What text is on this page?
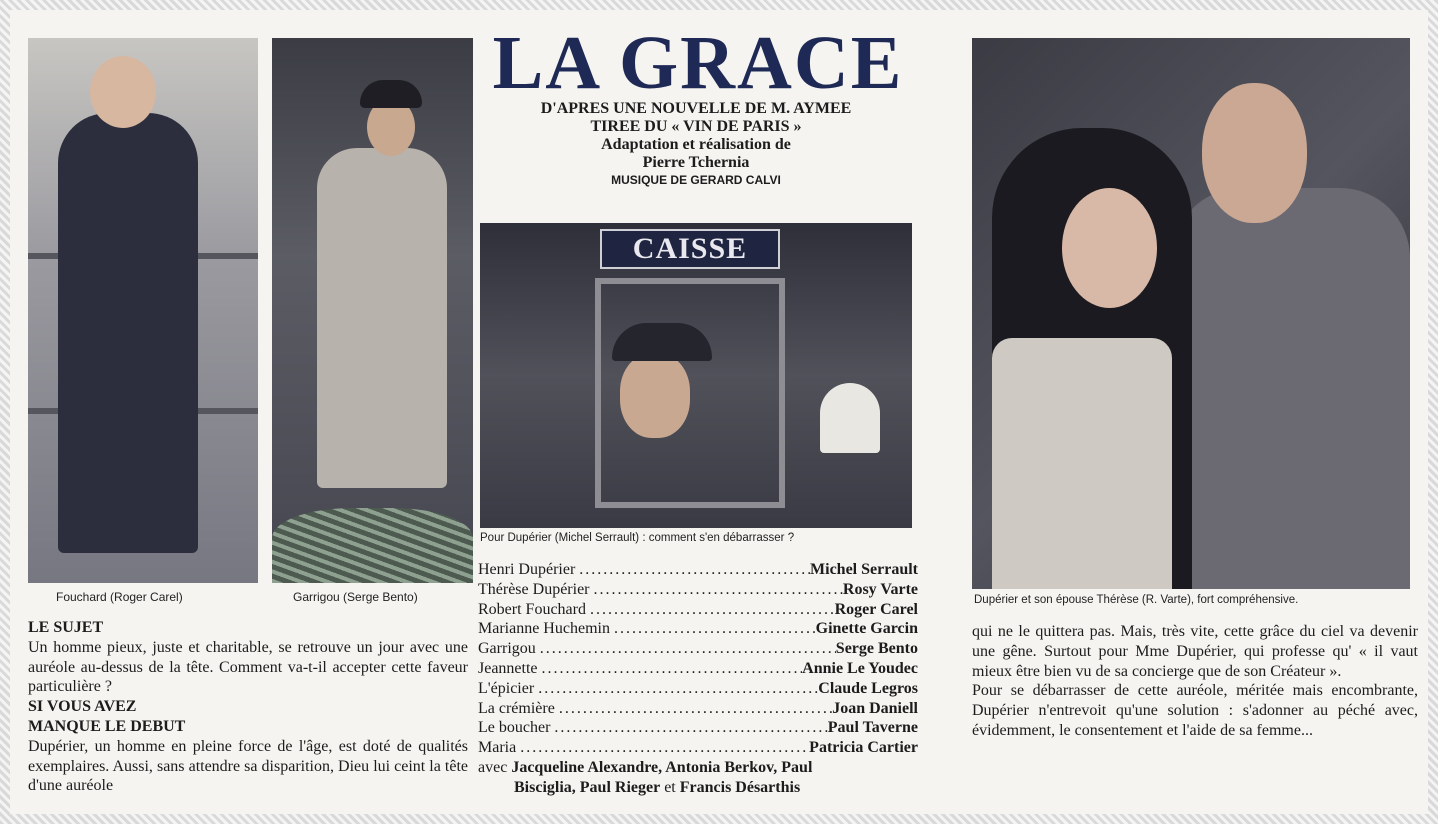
Fouchard (Roger Carel)	Garrigou (Serge Bento)
LA GRACE
D'APRES UNE NOUVELLE DE M. AYMEE
TIREE DU « VIN DE PARIS »
Adaptation et réalisation de
Pierre Tchernia
MUSIQUE DE GERARD CALVI
CAISSE
Pour Dupérier (Michel Serrault) : comment s'en débarrasser ?
Henri Dupérier .....	Michel Serrault
Thérèse Dupérier .....	Rosy Varte
Robert Fouchard .....	Roger Carel
Marianne Huchemin .....	Ginette Garcin
Garrigou .....	Serge Bento
Jeannette .....	Annie Le Youdec
L'épicier .....	Claude Legros
La crémière .....	Joan Daniell
Le boucher .....	Paul Taverne
Maria .....	Patricia Cartier
avec Jacqueline Alexandre, Antonia Berkov, Paul
Bisciglia, Paul Rieger et Francis Désarthis
Dupérier et son épouse Thérèse (R. Varte), fort compréhensive.
LE SUJET
Un homme pieux, juste et charitable, se retrouve un jour avec une auréole au-dessus de la tête. Comment va-t-il accepter cette faveur particulière ?
SI VOUS AVEZ
MANQUE LE DEBUT
Dupérier, un homme en pleine force de l'âge, est doté de qualités exemplaires. Aussi, sans attendre sa disparition, Dieu lui ceint la tête d'une auréole
qui ne le quittera pas. Mais, très vite, cette grâce du ciel va devenir une gêne. Surtout pour Mme Dupérier, qui professe qu' « il vaut mieux être bien vu de sa concierge que de son Créateur ».
Pour se débarrasser de cette auréole, méritée mais encombrante, Dupérier n'entrevoit qu'une solution : s'adonner au péché avec, évidemment, le consentement et l'aide de sa femme...
